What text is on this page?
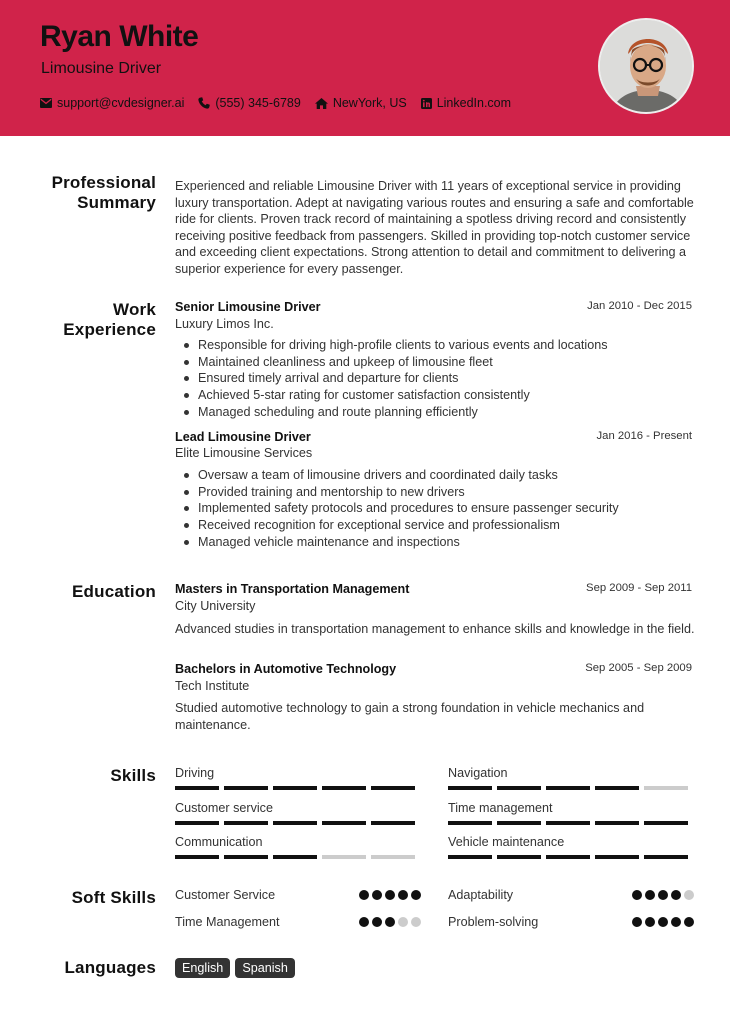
Ryan White
Limousine Driver
support@cvdesigner.ai (555) 345-6789	NewYork, US LinkedIn.com
Professional
Summary
Experienced and reliable Limousine Driver with 11 years of exceptional service in providing luxury transportation. Adept at navigating various routes and ensuring a safe and comfortable ride for clients. Proven track record of maintaining a spotless driving record and consistently receiving positive feedback from passengers. Skilled in providing top-notch customer service and exceeding client expectations. Strong attention to detail and commitment to delivering a superior experience for every passenger.
Work
Experience
Senior Limousine Driver	Jan 2010 - Dec 2015
Luxury Limos Inc.
Responsible for driving high-profile clients to various events and locations
Maintained cleanliness and upkeep of limousine fleet
Ensured timely arrival and departure for clients
Achieved 5-star rating for customer satisfaction consistently
Managed scheduling and route planning efficiently
Lead Limousine Driver	Jan 2016 - Present
Elite Limousine Services
Oversaw a team of limousine drivers and coordinated daily tasks
Provided training and mentorship to new drivers
Implemented safety protocols and procedures to ensure passenger security
Received recognition for exceptional service and professionalism
Managed vehicle maintenance and inspections
Education Masters in Transportation Management	Sep 2009 - Sep 2011
City University
Advanced studies in transportation management to enhance skills and knowledge in the field.
Bachelors in Automotive Technology	Sep 2005 - Sep 2009
Tech Institute
Studied automotive technology to gain a strong foundation in vehicle mechanics and maintenance.
Skills Driving	Navigation
Customer service	Time management
Communication	Vehicle maintenance
Soft Skills Customer Service	Adaptability
Time Management	Problem-solving
Languages	English	Spanish
